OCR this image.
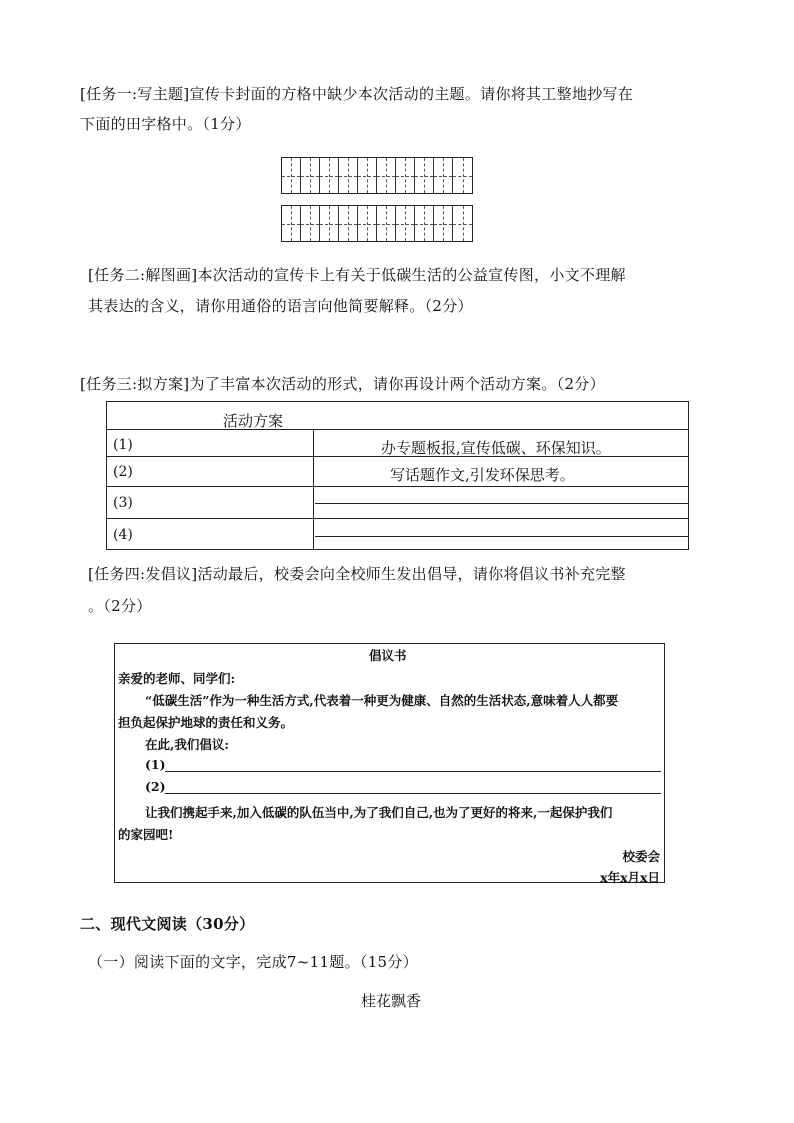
[任务一:写主题]宣传卡封面的方格中缺少本次活动的主题。请你将其工整地抄写在
下面的田字格中。（1分）
[任务二:解图画]本次活动的宣传卡上有关于低碳生活的公益宣传图，小文不理解
其表达的含义，请你用通俗的语言向他简要解释。（2分）
[任务三:拟方案]为了丰富本次活动的形式，请你再设计两个活动方案。（2分）
活动方案
(1)	办专题板报,宣传低碳、环保知识。
(2)	写话题作文,引发环保思考。
(3)
(4)
[任务四:发倡议]活动最后，校委会向全校师生发出倡导，请你将倡议书补充完整
。（2分）
倡议书
亲爱的老师、同学们:
“低碳生活”作为一种生活方式,代表着一种更为健康、自然的生活状态,意味着人人都要
担负起保护地球的责任和义务。
在此,我们倡议:
(1)
(2)
让我们携起手来,加入低碳的队伍当中,为了我们自己,也为了更好的将来,一起保护我们
的家园吧!
校委会
x年x月x日
二、现代文阅读（30分）
（一）阅读下面的文字，完成7~11题。（15分）
桂花飘香
